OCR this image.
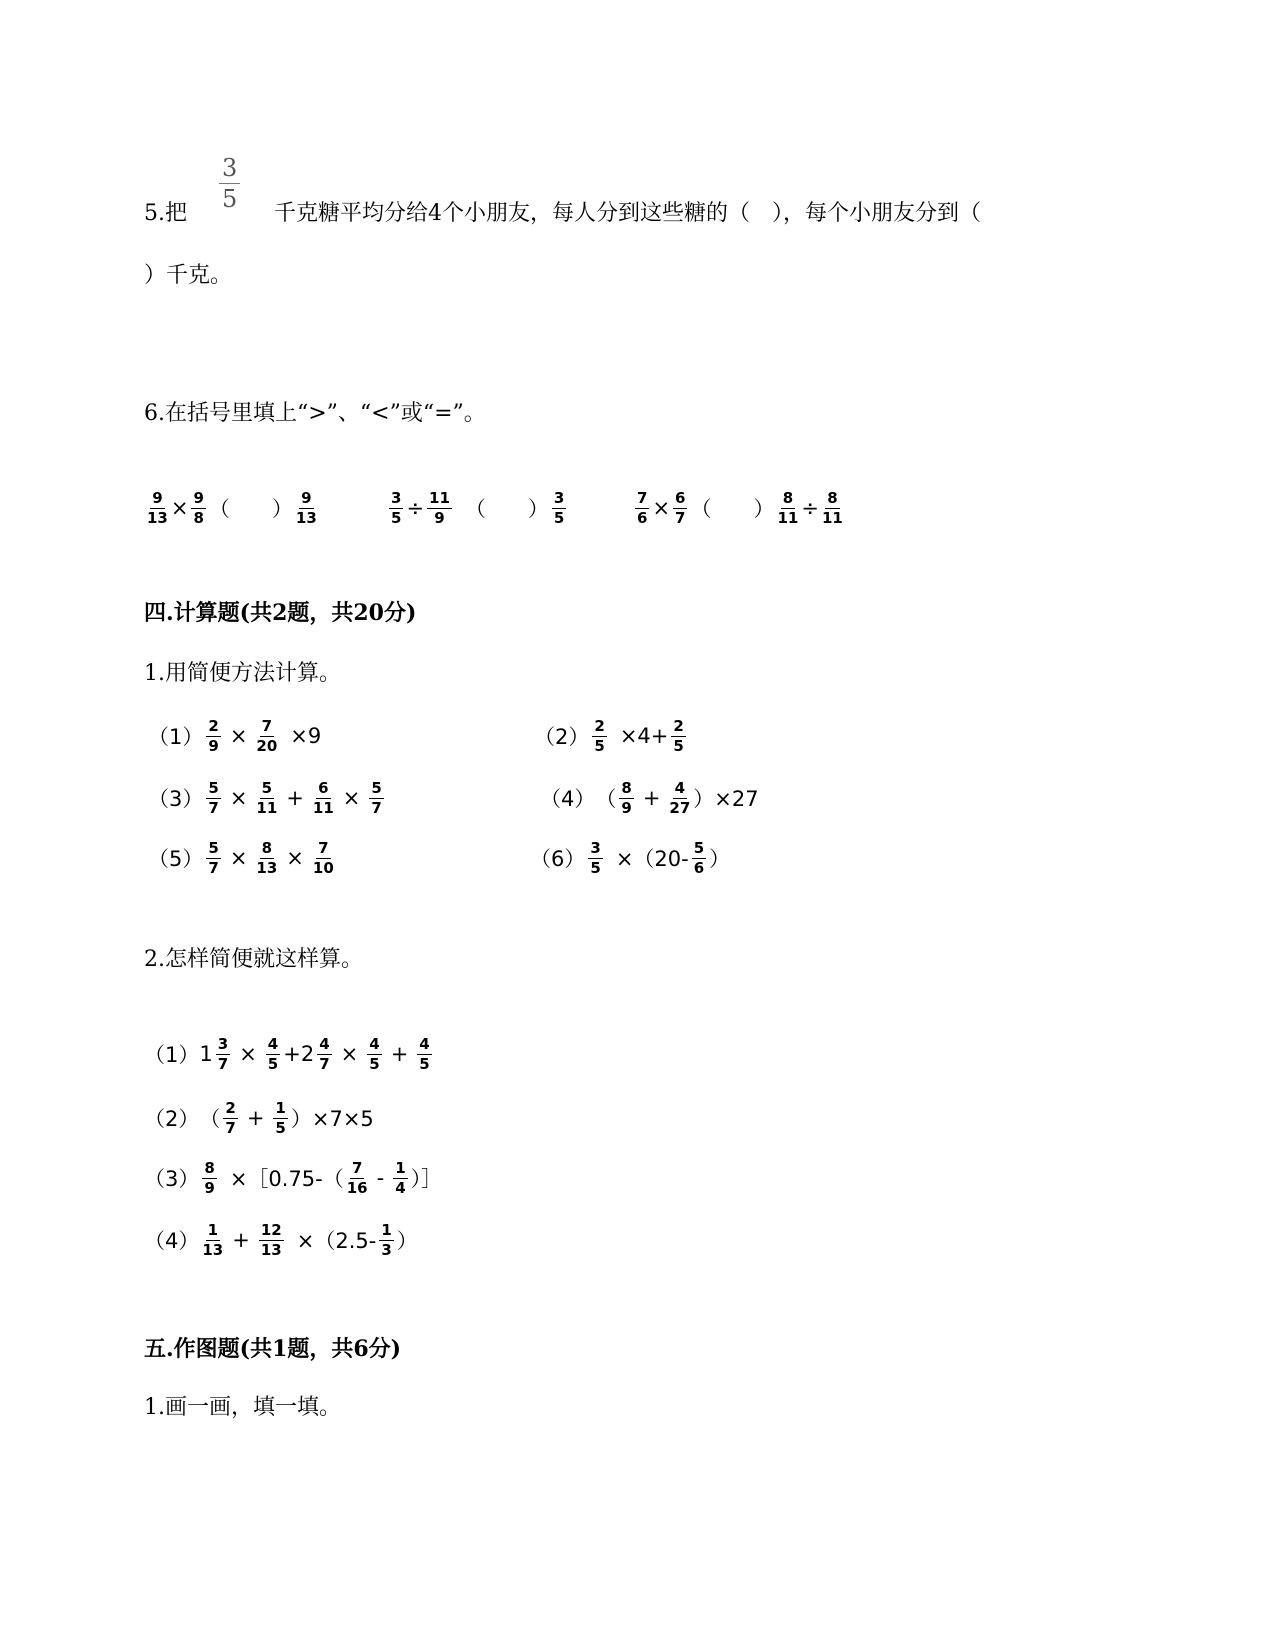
5.把
$\frac{3}{5}$
千克糖平均分给4个小朋友，每人分到这些糖的（　），每个小朋友分到（
）千克。
6.在括号里填上“>”、“<”或“=”。
$\frac{9}{13} \times \frac{9}{8}$ （　　） $\frac{9}{13}$	$\frac{3}{5} \div \frac{11}{9}$ （　　） $\frac{3}{5}$	$\frac{7}{6} \times \frac{6}{7}$ （　　） $\frac{8}{11} \div \frac{8}{11}$
四.计算题(共2题，共20分)
1.用简便方法计算。
$(1) \frac{2}{9} \times \frac{7}{20} \times 9$	$(2) \frac{2}{5} \times 4+ \frac{2}{5}$
$(3) \frac{5}{7} \times \frac{5}{11} + \frac{6}{11} \times \frac{5}{7}$	（4） （ $\frac{8}{9} + \frac{4}{27} )\times 27$
$(5) \frac{5}{7} \times \frac{8}{13} \times \frac{7}{10}$	$(6) \frac{3}{5} \times(20- \frac{5}{6}$ ）
2.怎样简便就这样算。
（1） $1 \frac{3}{7} \times \frac{4}{5} +2 \frac{4}{7} \times \frac{4}{5} + \frac{4}{5}$
（2） （ $\frac{2}{7} + \frac{1}{5} )\times 7\times 5$
$(3) \frac{8}{9}$ ×［0.75-（ $\frac{7}{16} - \frac{1}{4}$ ）］
$(4) \frac{1}{13} + \frac{12}{13} \times(2.5- \frac{1}{3}$ ）
五.作图题(共1题，共6分)
1.画一画，填一填。
